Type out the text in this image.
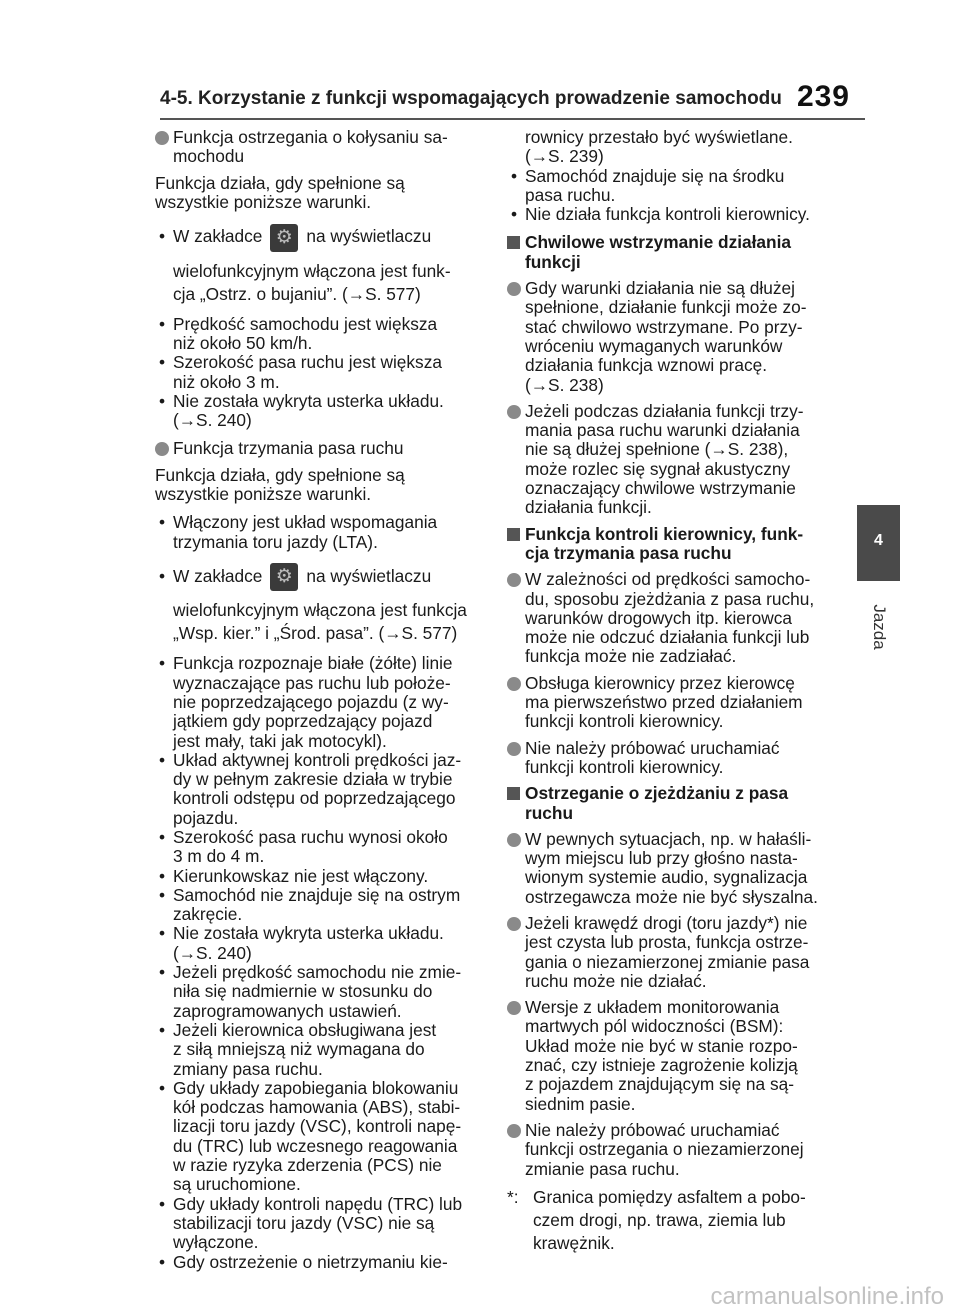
4-5. Korzystanie z funkcji wspomagających prowadzenie samochodu 239
4
Jazda
Funkcja ostrzegania o kołysaniu sa-
mochodu
Funkcja działa, gdy spełnione są
wszystkie poniższe warunki.
• W zakładce ⚙	na wyświetlaczu
wielofunkcyjnym włączona jest funk-
cja „Ostrz. o bujaniu”. (→S. 577)
• Prędkość samochodu jest większa
niż około 50 km/h.
• Szerokość pasa ruchu jest większa
niż około 3 m.
• Nie została wykryta usterka układu.
(→S. 240)
Funkcja trzymania pasa ruchu
Funkcja działa, gdy spełnione są
wszystkie poniższe warunki.
• Włączony jest układ wspomagania
trzymania toru jazdy (LTA).
• W zakładce ⚙	na wyświetlaczu
wielofunkcyjnym włączona jest funkcja
„Wsp. kier.” i „Środ. pasa”. (→S. 577)
• Funkcja rozpoznaje białe (żółte) linie
wyznaczające pas ruchu lub położe-
nie poprzedzającego pojazdu (z wy-
jątkiem gdy poprzedzający pojazd
jest mały, taki jak motocykl).
• Układ aktywnej kontroli prędkości jaz-
dy w pełnym zakresie działa w trybie
kontroli odstępu od poprzedzającego
pojazdu.
• Szerokość pasa ruchu wynosi około
3 m do 4 m.
• Kierunkowskaz nie jest włączony.
• Samochód nie znajduje się na ostrym
zakręcie.
• Nie została wykryta usterka układu.
(→S. 240)
• Jeżeli prędkość samochodu nie zmie-
niła się nadmiernie w stosunku do
zaprogramowanych ustawień.
• Jeżeli kierownica obsługiwana jest
z siłą mniejszą niż wymagana do
zmiany pasa ruchu.
• Gdy układy zapobiegania blokowaniu
kół podczas hamowania (ABS), stabi-
lizacji toru jazdy (VSC), kontroli napę-
du (TRC) lub wczesnego reagowania
w razie ryzyka zderzenia (PCS) nie
są uruchomione.
• Gdy układy kontroli napędu (TRC) lub
stabilizacji toru jazdy (VSC) nie są
wyłączone.
• Gdy ostrzeżenie o nietrzymaniu kie-
rownicy przestało być wyświetlane.
(→S. 239)
• Samochód znajduje się na środku
pasa ruchu.
• Nie działa funkcja kontroli kierownicy.
Chwilowe wstrzymanie działania
funkcji
Gdy warunki działania nie są dłużej
spełnione, działanie funkcji może zo-
stać chwilowo wstrzymane. Po przy-
wróceniu wymaganych warunków
działania funkcja wznowi pracę.
(→S. 238)
Jeżeli podczas działania funkcji trzy-
mania pasa ruchu warunki działania
nie są dłużej spełnione (→S. 238),
może rozlec się sygnał akustyczny
oznaczający chwilowe wstrzymanie
działania funkcji.
Funkcja kontroli kierownicy, funk-
cja trzymania pasa ruchu
W zależności od prędkości samocho-
du, sposobu zjeżdżania z pasa ruchu,
warunków drogowych itp. kierowca
może nie odczuć działania funkcji lub
funkcja może nie zadziałać.
Obsługa kierownicy przez kierowcę
ma pierwszeństwo przed działaniem
funkcji kontroli kierownicy.
Nie należy próbować uruchamiać
funkcji kontroli kierownicy.
Ostrzeganie o zjeżdżaniu z pasa
ruchu
W pewnych sytuacjach, np. w hałaśli-
wym miejscu lub przy głośno nasta-
wionym systemie audio, sygnalizacja
ostrzegawcza może nie być słyszalna.
Jeżeli krawędź drogi (toru jazdy*) nie
jest czysta lub prosta, funkcja ostrze-
gania o niezamierzonej zmianie pasa
ruchu może nie działać.
Wersje z układem monitorowania
martwych pól widoczności (BSM):
Układ może nie być w stanie rozpo-
znać, czy istnieje zagrożenie kolizją
z pojazdem znajdującym się na są-
siednim pasie.
Nie należy próbować uruchamiać
funkcji ostrzegania o niezamierzonej
zmianie pasa ruchu.
*: Granica pomiędzy asfaltem a pobo-
czem drogi, np. trawa, ziemia lub
krawężnik.
carmanualsonline.info
